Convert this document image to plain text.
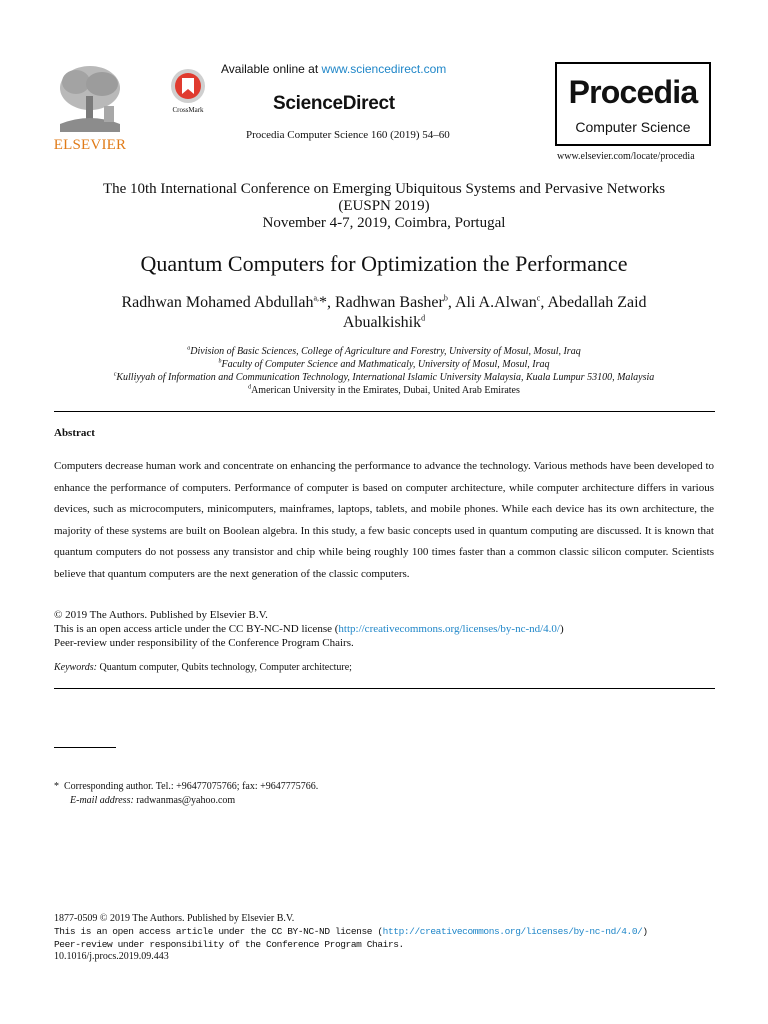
ELSEVIER
CrossMark
Available online at www.sciencedirect.com
ScienceDirect
Procedia Computer Science 160 (2019) 54–60
Procedia
Computer Science
www.elsevier.com/locate/procedia
The 10th International Conference on Emerging Ubiquitous Systems and Pervasive Networks
(EUSPN 2019)
November 4-7, 2019, Coimbra, Portugal
Quantum Computers for Optimization the Performance
Radhwan Mohamed Abdullah$^{a,}$*, Radhwan Basher$^b$, Ali A.Alwan$^c$, Abedallah Zaid
Abualkishik$^d$
$^a$Division of Basic Sciences, College of Agriculture and Forestry, University of Mosul, Mosul, Iraq
$^b$Faculty of Computer Science and Mathmaticaly, University of Mosul, Mosul, Iraq
$^c$Kulliyyah of Information and Communication Technology, International Islamic University Malaysia, Kuala Lumpur 53100, Malaysia
$^d$American University in the Emirates, Dubai, United Arab Emirates
Abstract
Computers decrease human work and concentrate on enhancing the performance to advance the technology. Various methods have been developed to enhance the performance of computers. Performance of computer is based on computer architecture, while computer architecture differs in various devices, such as microcomputers, minicomputers, mainframes, laptops, tablets, and mobile phones. While each device has its own architecture, the majority of these systems are built on Boolean algebra. In this study, a few basic concepts used in quantum computing are discussed. It is known that quantum computers do not possess any transistor and chip while being roughly 100 times faster than a common classic silicon computer. Scientists believe that quantum computers are the next generation of the classic computers.
© 2019 The Authors. Published by Elsevier B.V.
This is an open access article under the CC BY-NC-ND license (http://creativecommons.org/licenses/by-nc-nd/4.0/)
Peer-review under responsibility of the Conference Program Chairs.
Keywords: Quantum computer, Qubits technology, Computer architecture;
* Corresponding author. Tel.: +96477075766; fax: +9647775766.
E-mail address: radwanmas@yahoo.com
1877-0509 © 2019 The Authors. Published by Elsevier B.V.
This is an open access article under the CC BY-NC-ND license (http://creativecommons.org/licenses/by-nc-nd/4.0/)
Peer-review under responsibility of the Conference Program Chairs.
10.1016/j.procs.2019.09.443
